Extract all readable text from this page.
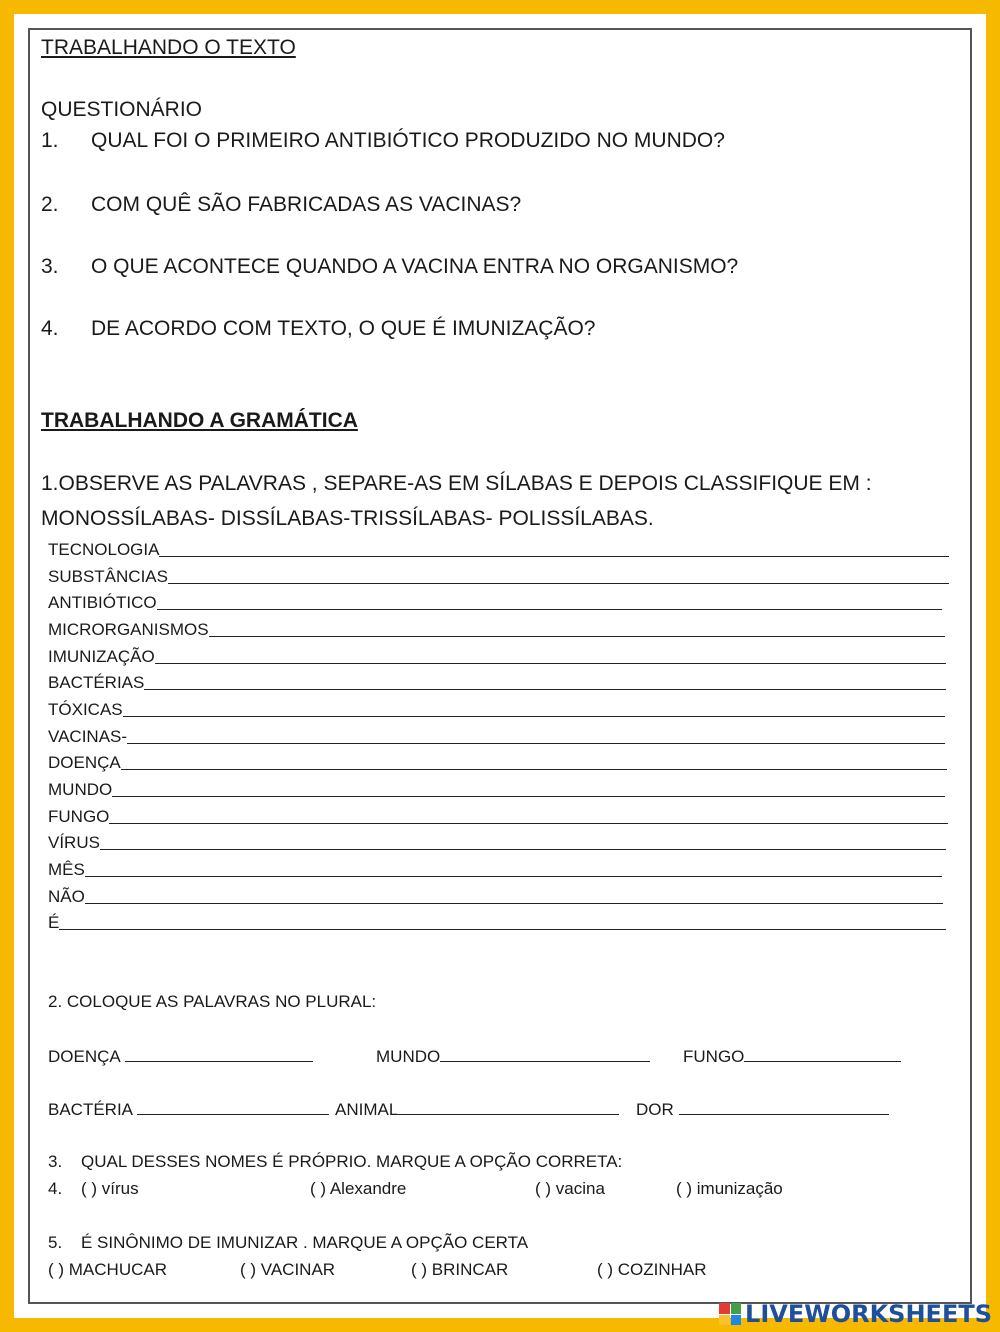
TRABALHANDO O TEXTO
QUESTIONÁRIO
1. QUAL FOI O PRIMEIRO ANTIBIÓTICO PRODUZIDO NO MUNDO?
2. COM QUÊ SÃO FABRICADAS AS VACINAS?
3. O QUE ACONTECE QUANDO A VACINA ENTRA NO ORGANISMO?
4. DE ACORDO COM TEXTO, O QUE É IMUNIZAÇÃO?
TRABALHANDO A GRAMÁTICA
1.OBSERVE AS PALAVRAS , SEPARE-AS EM SÍLABAS E DEPOIS CLASSIFIQUE EM :
MONOSSÍLABAS- DISSÍLABAS-TRISSÍLABAS- POLISSÍLABAS.
TECNOLOGIA
SUBSTÂNCIAS
ANTIBIÓTICO
MICRORGANISMOS
IMUNIZAÇÃO
BACTÉRIAS
TÓXICAS
VACINAS-
DOENÇA
MUNDO
FUNGO
VÍRUS
MÊS
NÃO
É
2. COLOQUE AS PALAVRAS NO PLURAL:
DOENÇA	MUNDO	FUNGO
BACTÉRIA	ANIMAL	DOR
3. QUAL DESSES NOMES É PRÓPRIO. MARQUE A OPÇÃO CORRETA:
4. ( ) vírus	( ) Alexandre	( ) vacina	( ) imunização
5. É SINÔNIMO DE IMUNIZAR . MARQUE A OPÇÃO CERTA
( ) MACHUCAR	( ) VACINAR	( ) BRINCAR	( ) COZINHAR
LIVEWORKSHEETS
